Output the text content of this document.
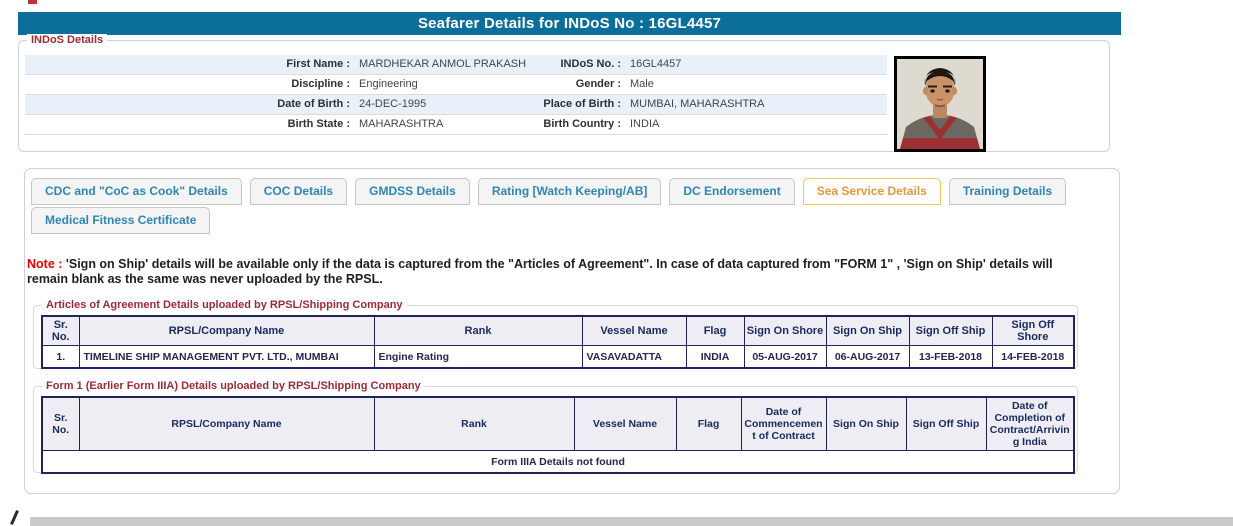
Seafarer Details for INDoS No : 16GL4457
INDoS Details
First Name : MARDHEKAR ANMOL PRAKASH	INDoS No. : 16GL4457
Discipline : Engineering	Gender : Male
Date of Birth : 24-DEC-1995	Place of Birth : MUMBAI, MAHARASHTRA
Birth State : MAHARASHTRA	Birth Country : INDIA
CDC and "CoC as Cook" Details	COC Details	GMDSS Details	Rating [Watch Keeping/AB]	DC Endorsement	Sea Service Details	Training Details
Medical Fitness Certificate
Note : 'Sign on Ship' details will be available only if the data is captured from the "Articles of Agreement". In case of data captured from "FORM 1" , 'Sign on Ship' details will remain blank as the same was never uploaded by the RPSL.
Articles of Agreement Details uploaded by RPSL/Shipping Company
Sr. No.	RPSL/Company Name	Rank	Vessel Name	Flag	Sign On Shore	Sign On Ship	Sign Off Ship	Sign Off Shore
1.	TIMELINE SHIP MANAGEMENT PVT. LTD., MUMBAI	Engine Rating	VASAVADATTA	INDIA	05-AUG-2017	06-AUG-2017	13-FEB-2018	14-FEB-2018
Form 1 (Earlier Form IIIA) Details uploaded by RPSL/Shipping Company
Sr. No.	RPSL/Company Name	Rank	Vessel Name	Flag	Date of Commencement of Contract	Sign On Ship	Sign Off Ship	Date of Completion of Contract/Arriving India
Form IIIA Details not found
